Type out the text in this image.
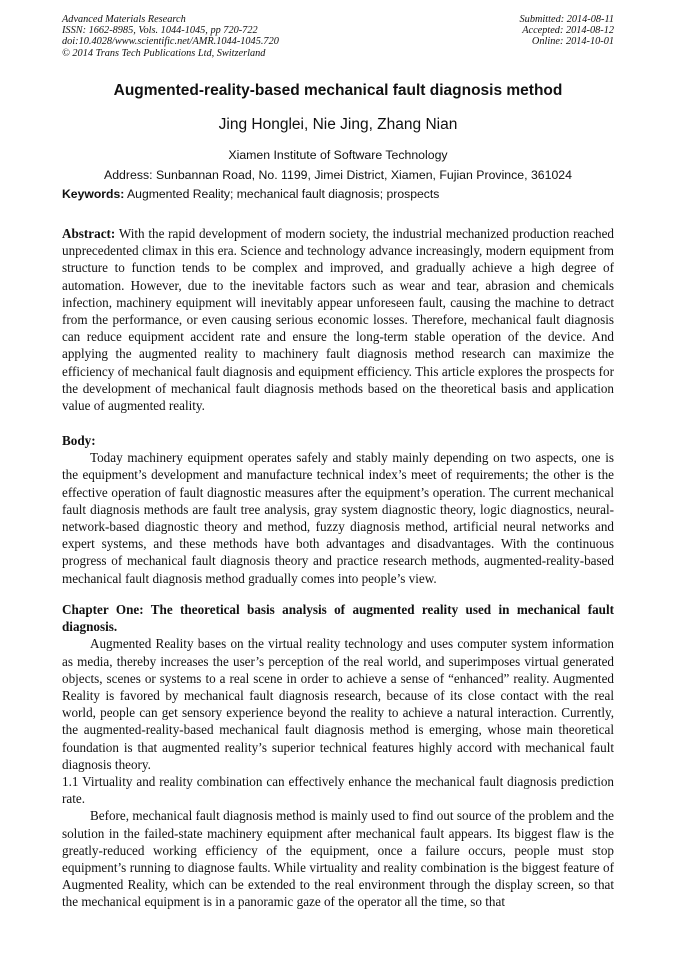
Advanced Materials Research
ISSN: 1662-8985, Vols. 1044-1045, pp 720-722
doi:10.4028/www.scientific.net/AMR.1044-1045.720
© 2014 Trans Tech Publications Ltd, Switzerland
Submitted: 2014-08-11
Accepted: 2014-08-12
Online: 2014-10-01
Augmented-reality-based mechanical fault diagnosis method
Jing Honglei, Nie Jing, Zhang Nian
Xiamen Institute of Software Technology
Address: Sunbannan Road, No. 1199, Jimei District, Xiamen, Fujian Province, 361024
Keywords: Augmented Reality; mechanical fault diagnosis; prospects

Abstract: With the rapid development of modern society, the industrial mechanized production reached unprecedented climax in this era. Science and technology advance increasingly, modern equipment from structure to function tends to be complex and improved, and gradually achieve a high degree of automation. However, due to the inevitable factors such as wear and tear, abrasion and chemicals infection, machinery equipment will inevitably appear unforeseen fault, causing the machine to detract from the performance, or even causing serious economic losses. Therefore, mechanical fault diagnosis can reduce equipment accident rate and ensure the long-term stable operation of the device. And applying the augmented reality to machinery fault diagnosis method research can maximize the efficiency of mechanical fault diagnosis and equipment efficiency. This article explores the prospects for the development of mechanical fault diagnosis methods based on the theoretical basis and application value of augmented reality.

Body:

Today machinery equipment operates safely and stably mainly depending on two aspects, one is the equipment’s development and manufacture technical index’s meet of requirements; the other is the effective operation of fault diagnostic measures after the equipment’s operation. The current mechanical fault diagnosis methods are fault tree analysis, gray system diagnostic theory, logic diagnostics, neural-network-based diagnostic theory and method, fuzzy diagnosis method, artificial neural networks and expert systems, and these methods have both advantages and disadvantages. With the continuous progress of mechanical fault diagnosis theory and practice research methods, augmented-reality-based mechanical fault diagnosis method gradually comes into people’s view.

Chapter One: The theoretical basis analysis of augmented reality used in mechanical fault diagnosis.

Augmented Reality bases on the virtual reality technology and uses computer system information as media, thereby increases the user’s perception of the real world, and superimposes virtual generated objects, scenes or systems to a real scene in order to achieve a sense of “enhanced” reality. Augmented Reality is favored by mechanical fault diagnosis research, because of its close contact with the real world, people can get sensory experience beyond the reality to achieve a natural interaction. Currently, the augmented-reality-based mechanical fault diagnosis method is emerging, whose main theoretical foundation is that augmented reality’s superior technical features highly accord with mechanical fault diagnosis theory.

1.1 Virtuality and reality combination can effectively enhance the mechanical fault diagnosis prediction rate.

Before, mechanical fault diagnosis method is mainly used to find out source of the problem and the solution in the failed-state machinery equipment after mechanical fault appears. Its biggest flaw is the greatly-reduced working efficiency of the equipment, once a failure occurs, people must stop equipment’s running to diagnose faults. While virtuality and reality combination is the biggest feature of Augmented Reality, which can be extended to the real environment through the display screen, so that the mechanical equipment is in a panoramic gaze of the operator all the time, so that
